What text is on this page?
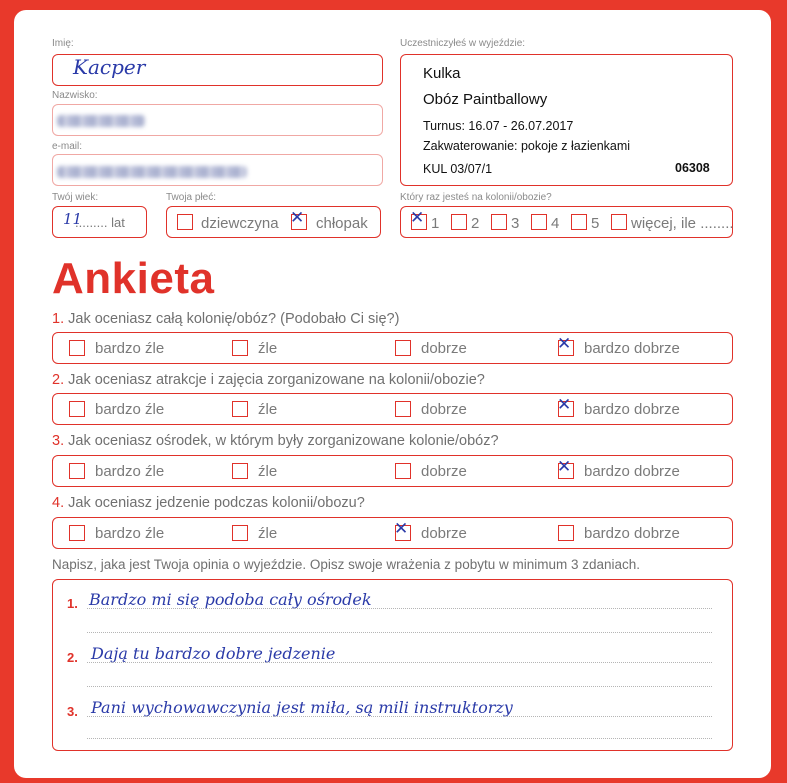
Imię:
Kacper
Nazwisko:
e-mail:
Twój wiek:
11
......... lat
Twoja płeć:
dziewczyna ✕ chłopak
Uczestniczyłeś w wyjeździe:
Kulka
Obóz Paintballowy
Turnus: 16.07 - 26.07.2017
Zakwaterowanie: pokoje z łazienkami
KUL 03/07/1	06308
Który raz jesteś na kolonii/obozie?
✕ 1 2 3 4 5 więcej, ile ........
Ankieta
1. Jak oceniasz całą kolonię/obóz? (Podobało Ci się?)
bardzo źle	źle	dobrze	✕ bardzo dobrze
2. Jak oceniasz atrakcje i zajęcia zorganizowane na kolonii/obozie?
bardzo źle	źle	dobrze	✕ bardzo dobrze
3. Jak oceniasz ośrodek, w którym były zorganizowane kolonie/obóz?
bardzo źle	źle	dobrze	✕ bardzo dobrze
4. Jak oceniasz jedzenie podczas kolonii/obozu?
bardzo źle	źle	✕ dobrze	bardzo dobrze
Napisz, jaka jest Twoja opinia o wyjeździe. Opisz swoje wrażenia z pobytu w minimum 3 zdaniach.
1. Bardzo mi się podoba cały ośrodek
2. Dają tu bardzo dobre jedzenie
3. Pani wychowawczynia jest miła, są mili instruktorzy
